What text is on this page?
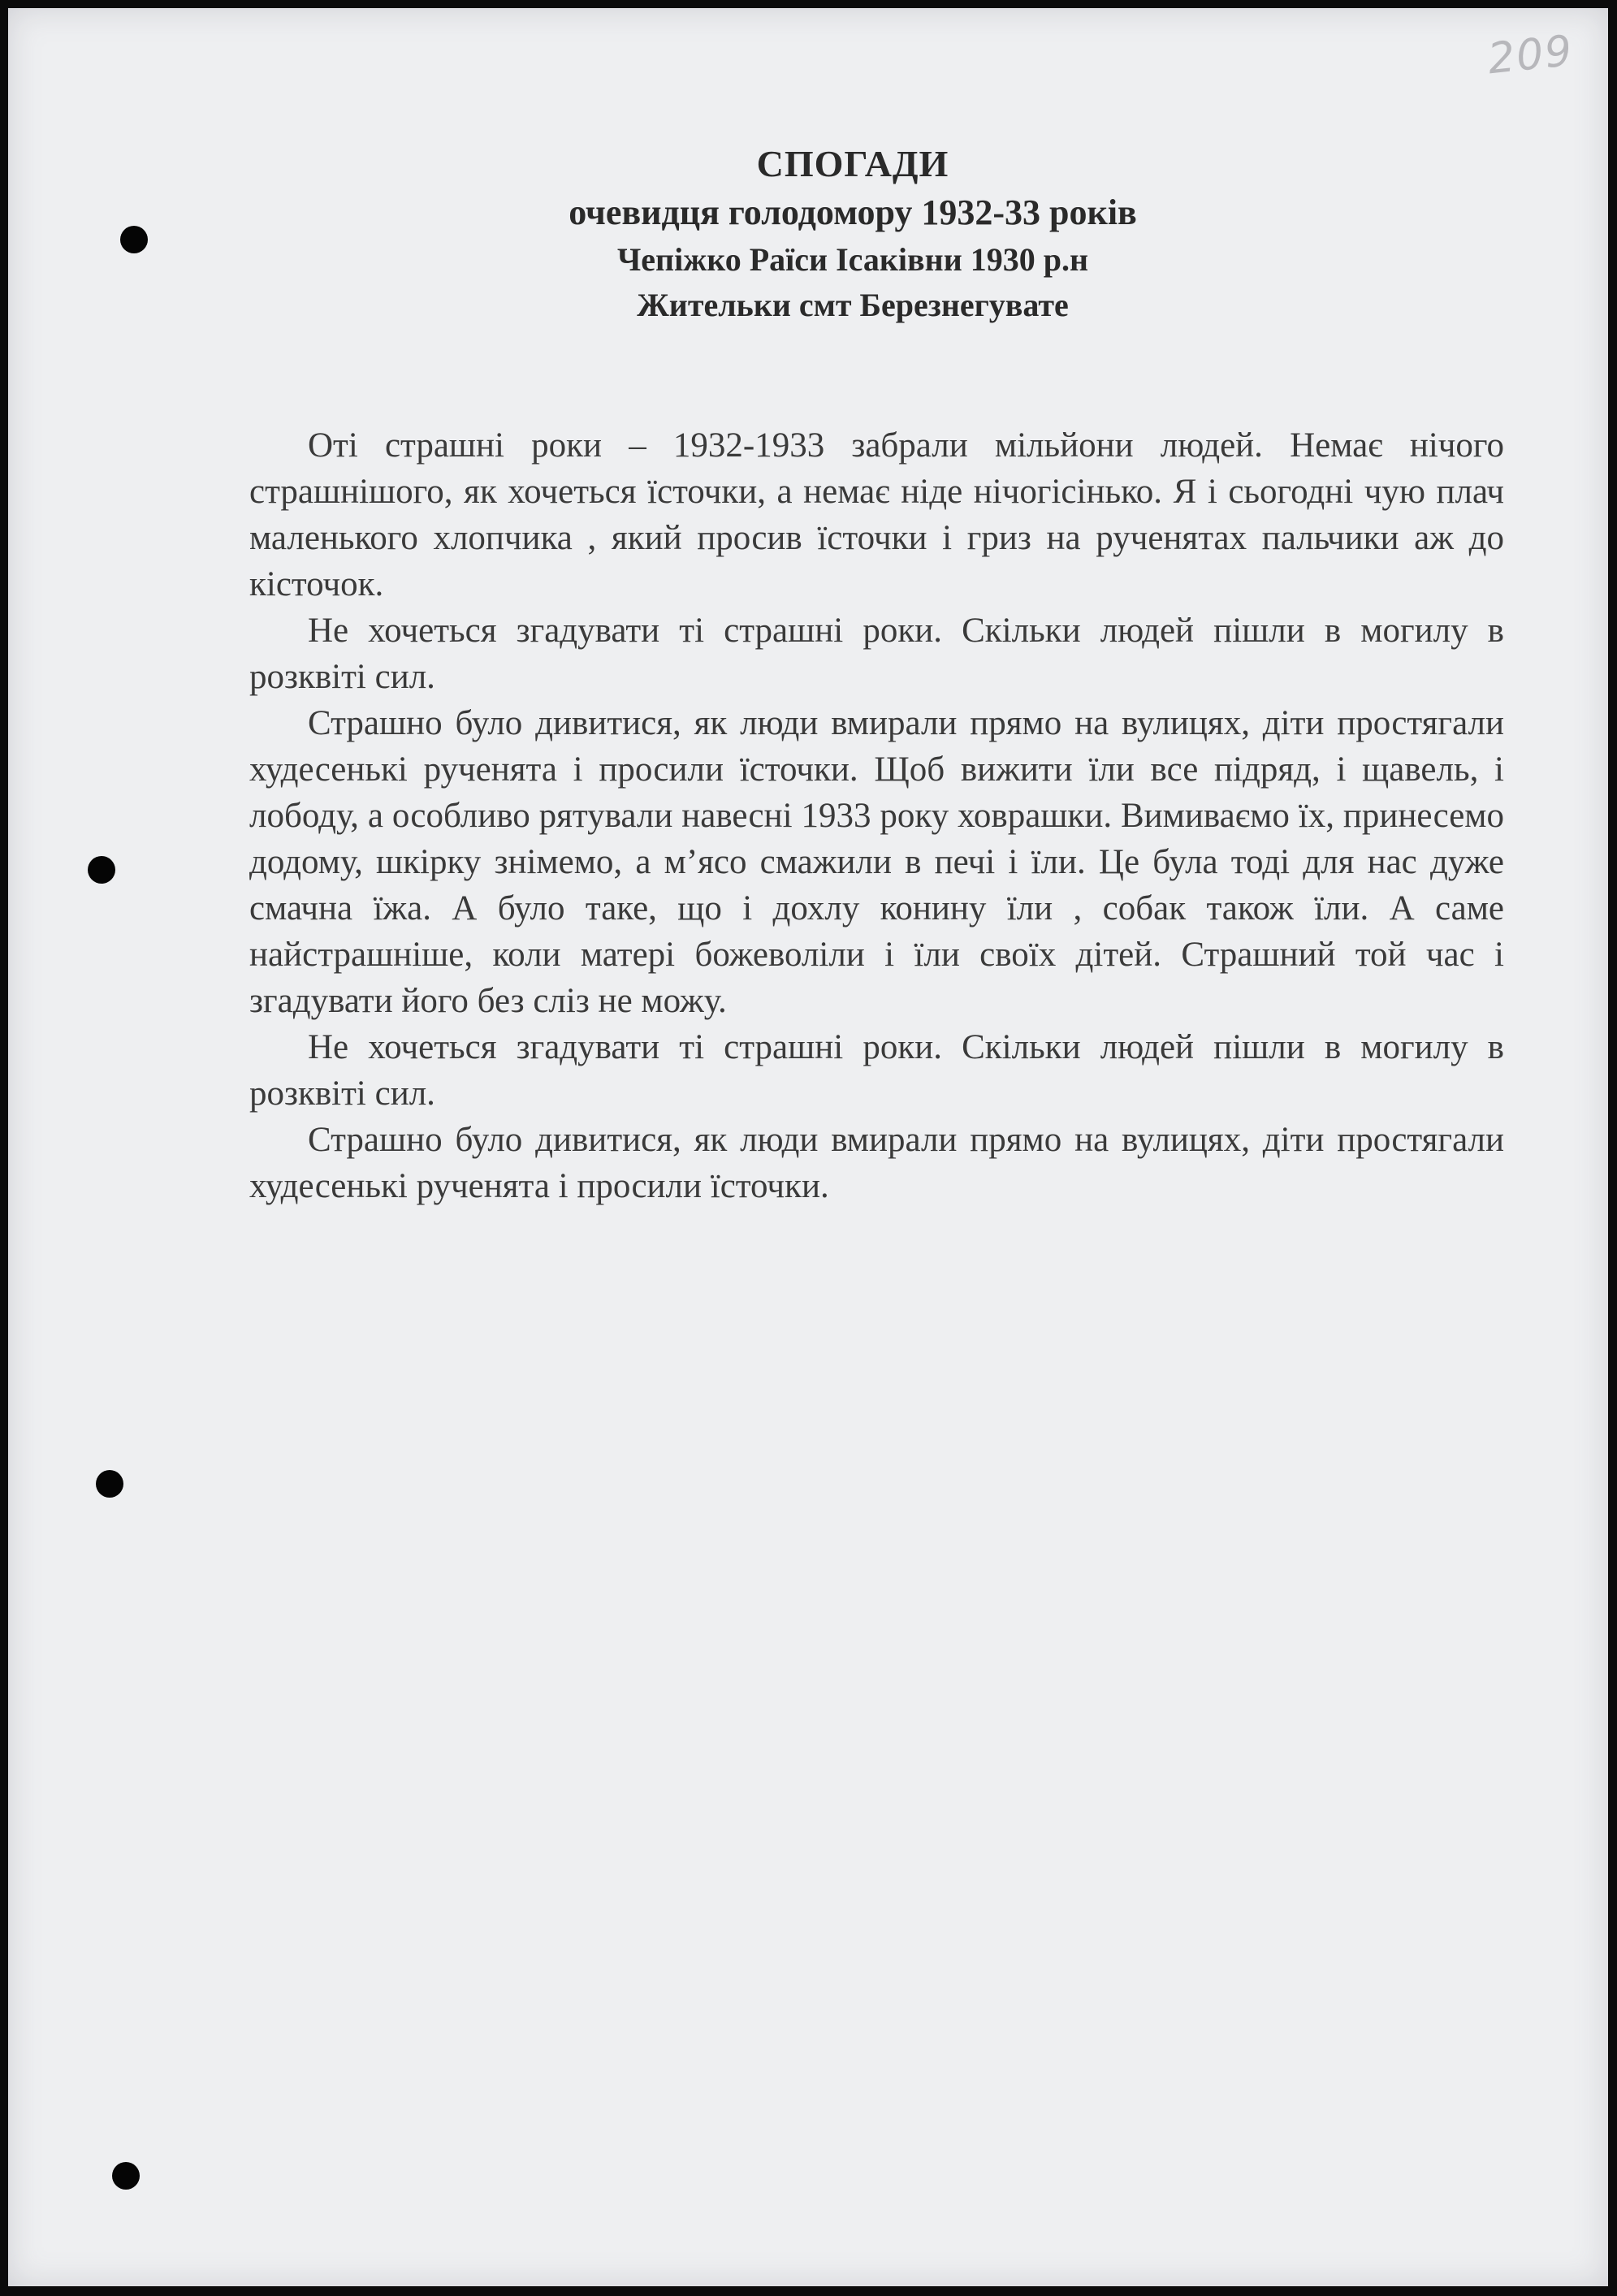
209
СПОГАДИ
очевидця голодомору 1932-33 років
Чепіжко Раїси Ісаківни 1930 р.н
Жительки смт Березнегувате

Оті страшні роки – 1932-1933 забрали мільйони людей. Немає нічого страшнішого, як хочеться їсточки, а немає ніде нічогісінько. Я і сьогодні чую плач маленького хлопчика , який просив їсточки і гриз на рученятах пальчики аж до кісточок.

Не хочеться згадувати ті страшні роки. Скільки людей пішли в могилу в розквіті сил.

Страшно було дивитися, як люди вмирали прямо на вулицях, діти простягали худесенькі рученята і просили їсточки. Щоб вижити їли все підряд, і щавель, і лободу, а особливо рятували навесні 1933 року ховрашки. Вимиваємо їх, принесемо додому, шкірку знімемо, а м’ясо смажили в печі і їли. Це була тоді для нас дуже смачна їжа. А було таке, що і дохлу конину їли , собак також їли. А саме найстрашніше, коли матері божеволіли і їли своїх дітей. Страшний той час і згадувати його без сліз не можу.

Не хочеться згадувати ті страшні роки. Скільки людей пішли в могилу в розквіті сил.

Страшно було дивитися, як люди вмирали прямо на вулицях, діти простягали худесенькі рученята і просили їсточки.
